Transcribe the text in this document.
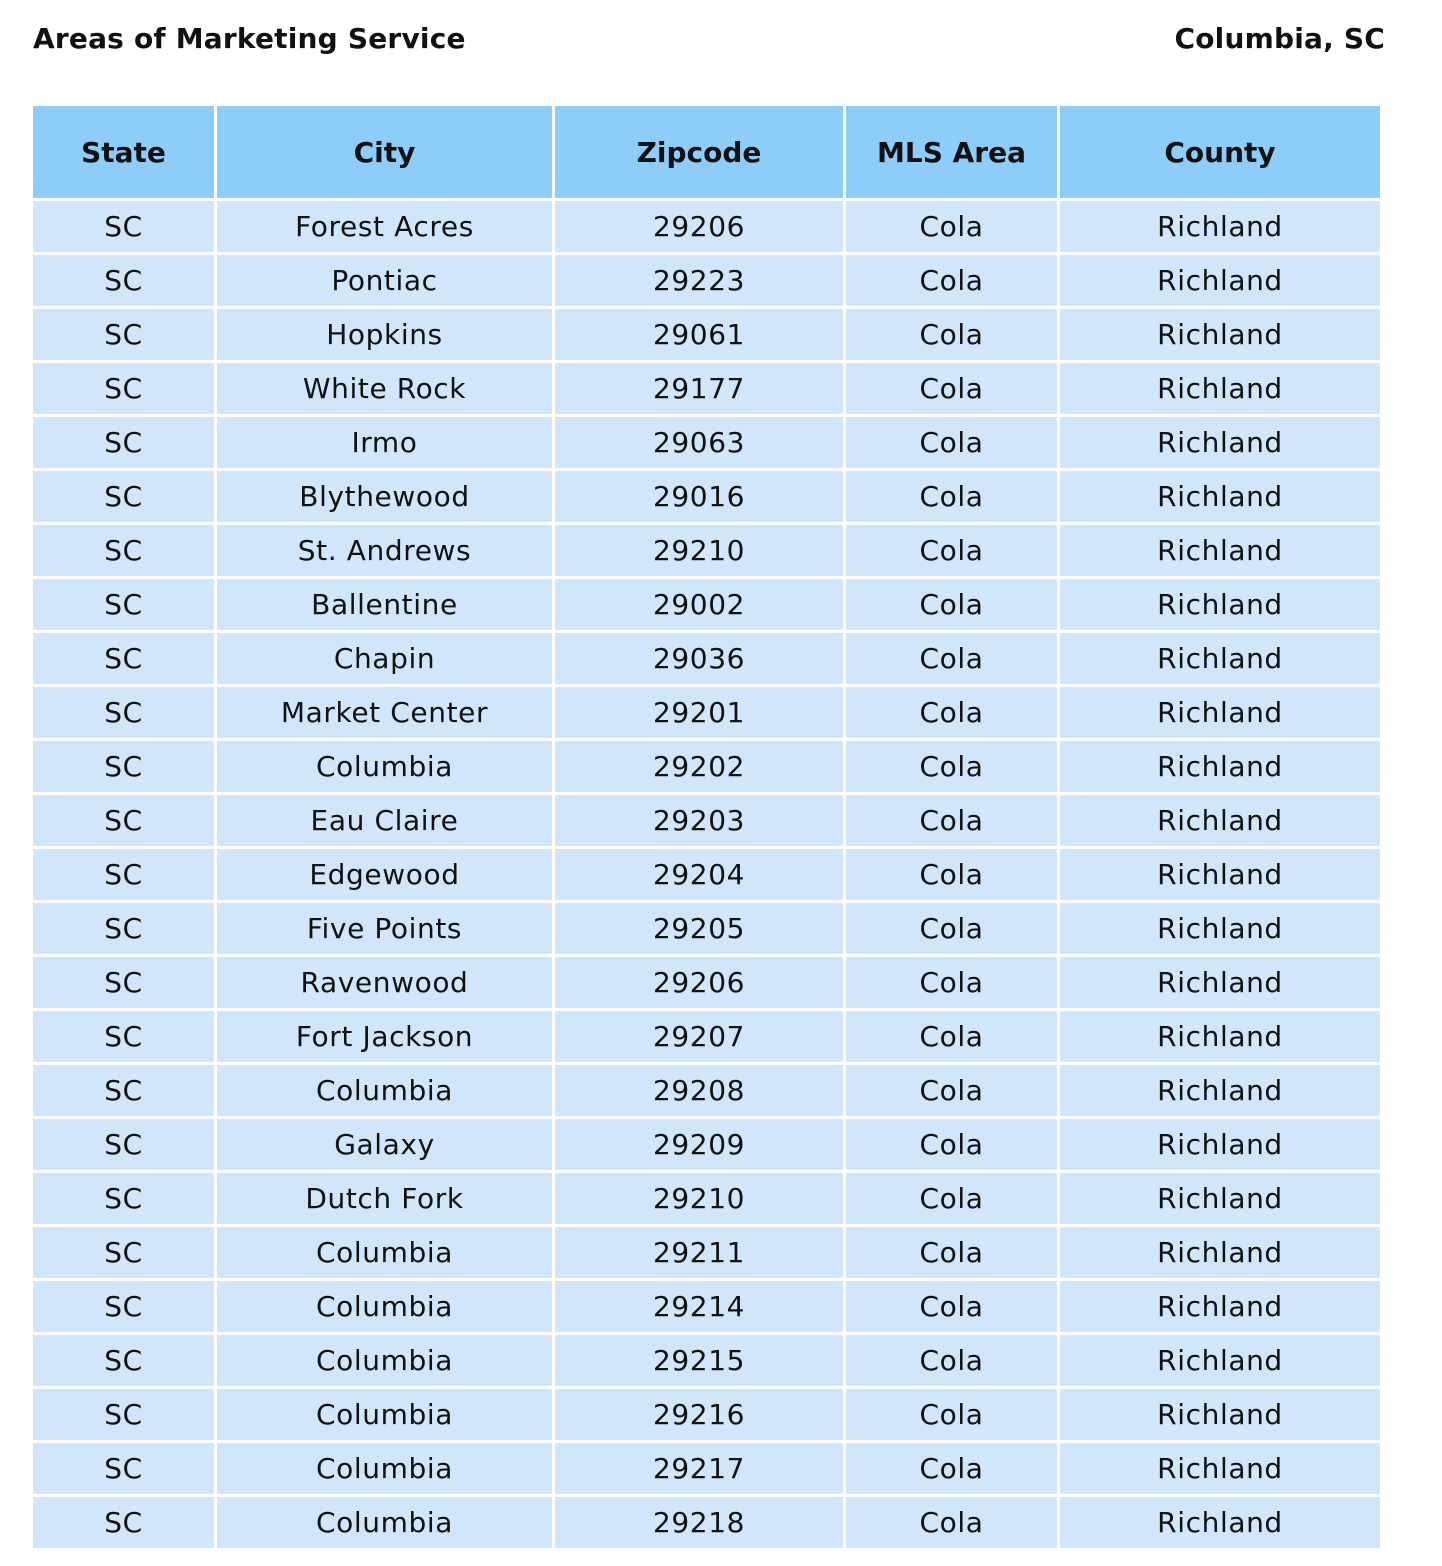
Areas of Marketing Service	Columbia, SC
State	City	Zipcode	MLS Area	County
SC	Forest Acres	29206	Cola	Richland
SC	Pontiac	29223	Cola	Richland
SC	Hopkins	29061	Cola	Richland
SC	White Rock	29177	Cola	Richland
SC	Irmo	29063	Cola	Richland
SC	Blythewood	29016	Cola	Richland
SC	St. Andrews	29210	Cola	Richland
SC	Ballentine	29002	Cola	Richland
SC	Chapin	29036	Cola	Richland
SC	Market Center	29201	Cola	Richland
SC	Columbia	29202	Cola	Richland
SC	Eau Claire	29203	Cola	Richland
SC	Edgewood	29204	Cola	Richland
SC	Five Points	29205	Cola	Richland
SC	Ravenwood	29206	Cola	Richland
SC	Fort Jackson	29207	Cola	Richland
SC	Columbia	29208	Cola	Richland
SC	Galaxy	29209	Cola	Richland
SC	Dutch Fork	29210	Cola	Richland
SC	Columbia	29211	Cola	Richland
SC	Columbia	29214	Cola	Richland
SC	Columbia	29215	Cola	Richland
SC	Columbia	29216	Cola	Richland
SC	Columbia	29217	Cola	Richland
SC	Columbia	29218	Cola	Richland
